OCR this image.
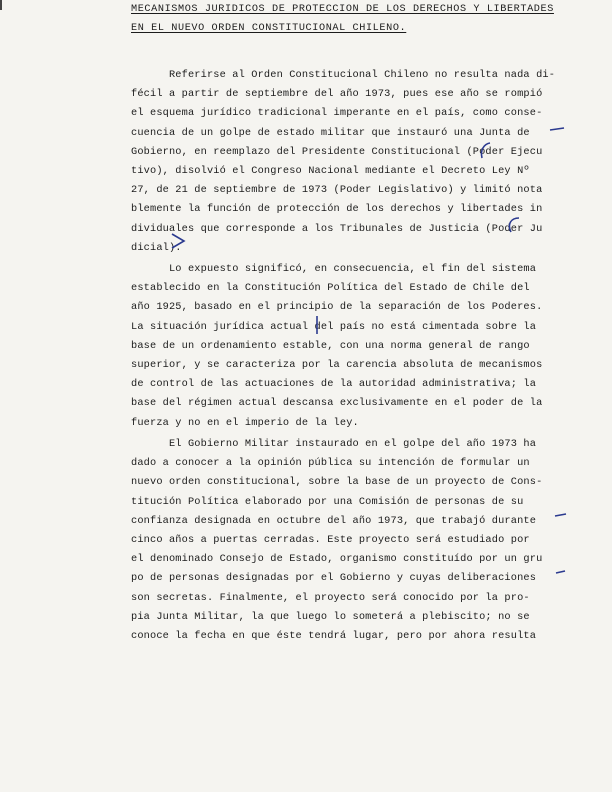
MECANISMOS JURIDICOS DE PROTECCION DE LOS DERECHOS Y LIBERTADES
EN EL NUEVO ORDEN CONSTITUCIONAL CHILENO.
Referirse al Orden Constitucional Chileno no resulta nada di-
fécil a partir de septiembre del año 1973, pues ese año se rompió
el esquema jurídico tradicional imperante en el país, como conse-
cuencia de un golpe de estado militar que instauró una Junta de
Gobierno, en reemplazo del Presidente Constitucional (Poder Ejecu
tivo), disolvió el Congreso Nacional mediante el Decreto Ley Nº
27, de 21 de septiembre de 1973 (Poder Legislativo) y limitó nota
blemente la función de protección de los derechos y libertades in
dividuales que corresponde a los Tribunales de Justicia (Poder Ju
dicial).
Lo expuesto significó, en consecuencia, el fin del sistema
establecido en la Constitución Política del Estado de Chile del
año 1925, basado en el principio de la separación de los Poderes.
La situación jurídica actual del país no está cimentada sobre la
base de un ordenamiento estable, con una norma general de rango
superior, y se caracteriza por la carencia absoluta de mecanismos
de control de las actuaciones de la autoridad administrativa; la
base del régimen actual descansa exclusivamente en el poder de la
fuerza y no en el imperio de la ley.
El Gobierno Militar instaurado en el golpe del año 1973 ha
dado a conocer a la opinión pública su intención de formular un
nuevo orden constitucional, sobre la base de un proyecto de Cons-
titución Política elaborado por una Comisión de personas de su
confianza designada en octubre del año 1973, que trabajó durante
cinco años a puertas cerradas. Este proyecto será estudiado por
el denominado Consejo de Estado, organismo constituído por un gru
po de personas designadas por el Gobierno y cuyas deliberaciones
son secretas. Finalmente, el proyecto será conocido por la pro-
pia Junta Militar, la que luego lo someterá a plebiscito; no se
conoce la fecha en que éste tendrá lugar, pero por ahora resulta
